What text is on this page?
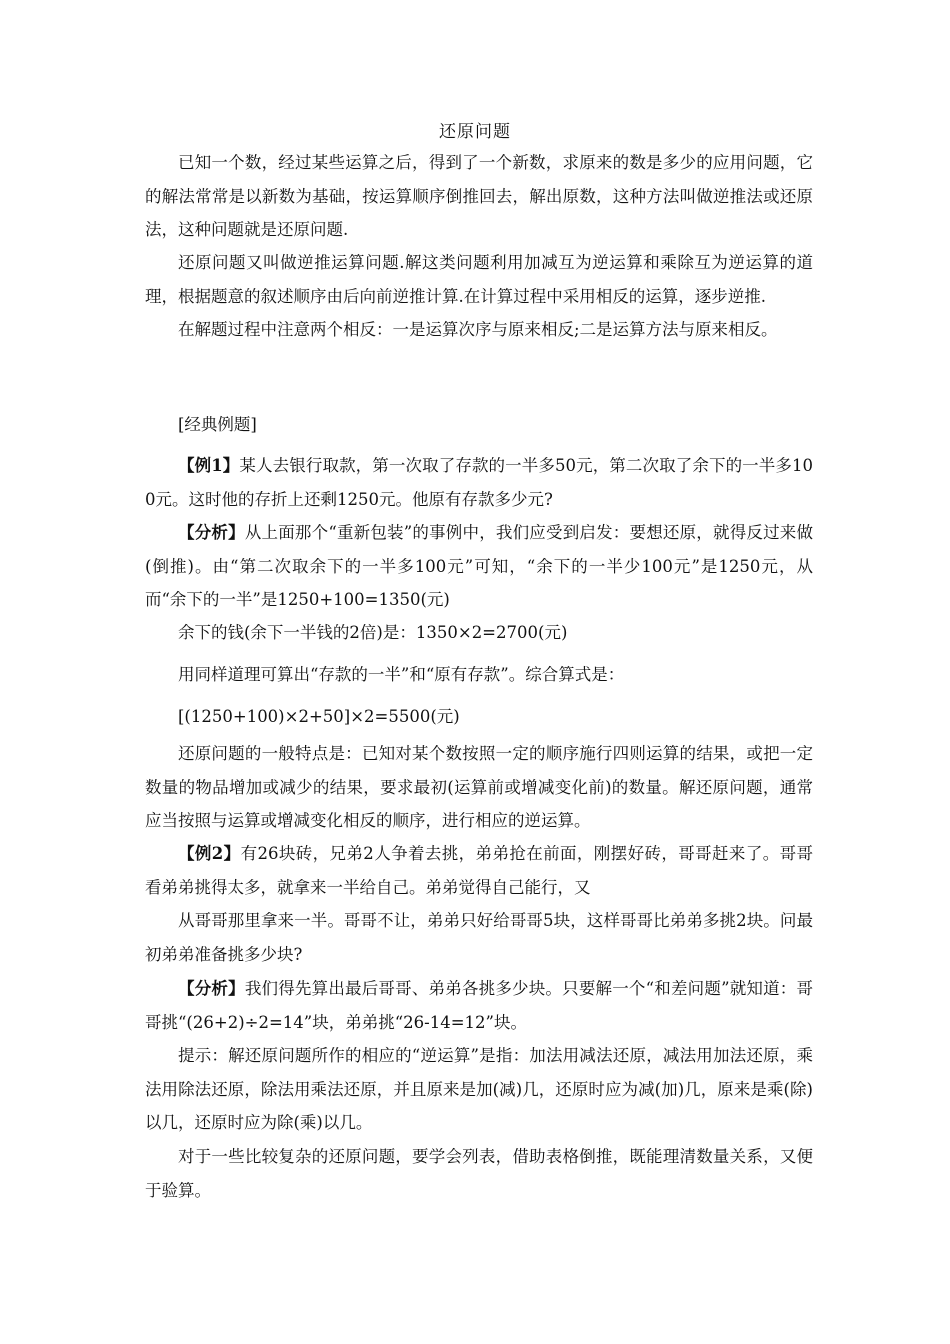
还原问题

已知一个数，经过某些运算之后，得到了一个新数，求原来的数是多少的应用问题，它的解法常常是以新数为基础，按运算顺序倒推回去，解出原数，这种方法叫做逆推法或还原法，这种问题就是还原问题.

还原问题又叫做逆推运算问题.解这类问题利用加减互为逆运算和乘除互为逆运算的道理，根据题意的叙述顺序由后向前逆推计算.在计算过程中采用相反的运算，逐步逆推.

在解题过程中注意两个相反：一是运算次序与原来相反;二是运算方法与原来相反。

[经典例题]

【例1】某人去银行取款，第一次取了存款的一半多50元，第二次取了余下的一半多100元。这时他的存折上还剩1250元。他原有存款多少元?

【分析】从上面那个“重新包装”的事例中，我们应受到启发：要想还原，就得反过来做(倒推)。由“第二次取余下的一半多100元”可知，“余下的一半少100元”是1250元，从而“余下的一半”是1250+100=1350(元)

余下的钱(余下一半钱的2倍)是：1350×2=2700(元)

用同样道理可算出“存款的一半”和“原有存款”。综合算式是：

[(1250+100)×2+50]×2=5500(元)

还原问题的一般特点是：已知对某个数按照一定的顺序施行四则运算的结果，或把一定数量的物品增加或减少的结果，要求最初(运算前或增减变化前)的数量。解还原问题，通常应当按照与运算或增减变化相反的顺序，进行相应的逆运算。

【例2】有26块砖，兄弟2人争着去挑，弟弟抢在前面，刚摆好砖，哥哥赶来了。哥哥看弟弟挑得太多，就拿来一半给自己。弟弟觉得自己能行，又

从哥哥那里拿来一半。哥哥不让，弟弟只好给哥哥5块，这样哥哥比弟弟多挑2块。问最初弟弟准备挑多少块?

【分析】我们得先算出最后哥哥、弟弟各挑多少块。只要解一个“和差问题”就知道：哥哥挑“(26+2)÷2=14”块，弟弟挑“26-14=12”块。

提示：解还原问题所作的相应的“逆运算”是指：加法用减法还原，减法用加法还原，乘法用除法还原，除法用乘法还原，并且原来是加(减)几，还原时应为减(加)几，原来是乘(除)以几，还原时应为除(乘)以几。

对于一些比较复杂的还原问题，要学会列表，借助表格倒推，既能理清数量关系，又便于验算。
